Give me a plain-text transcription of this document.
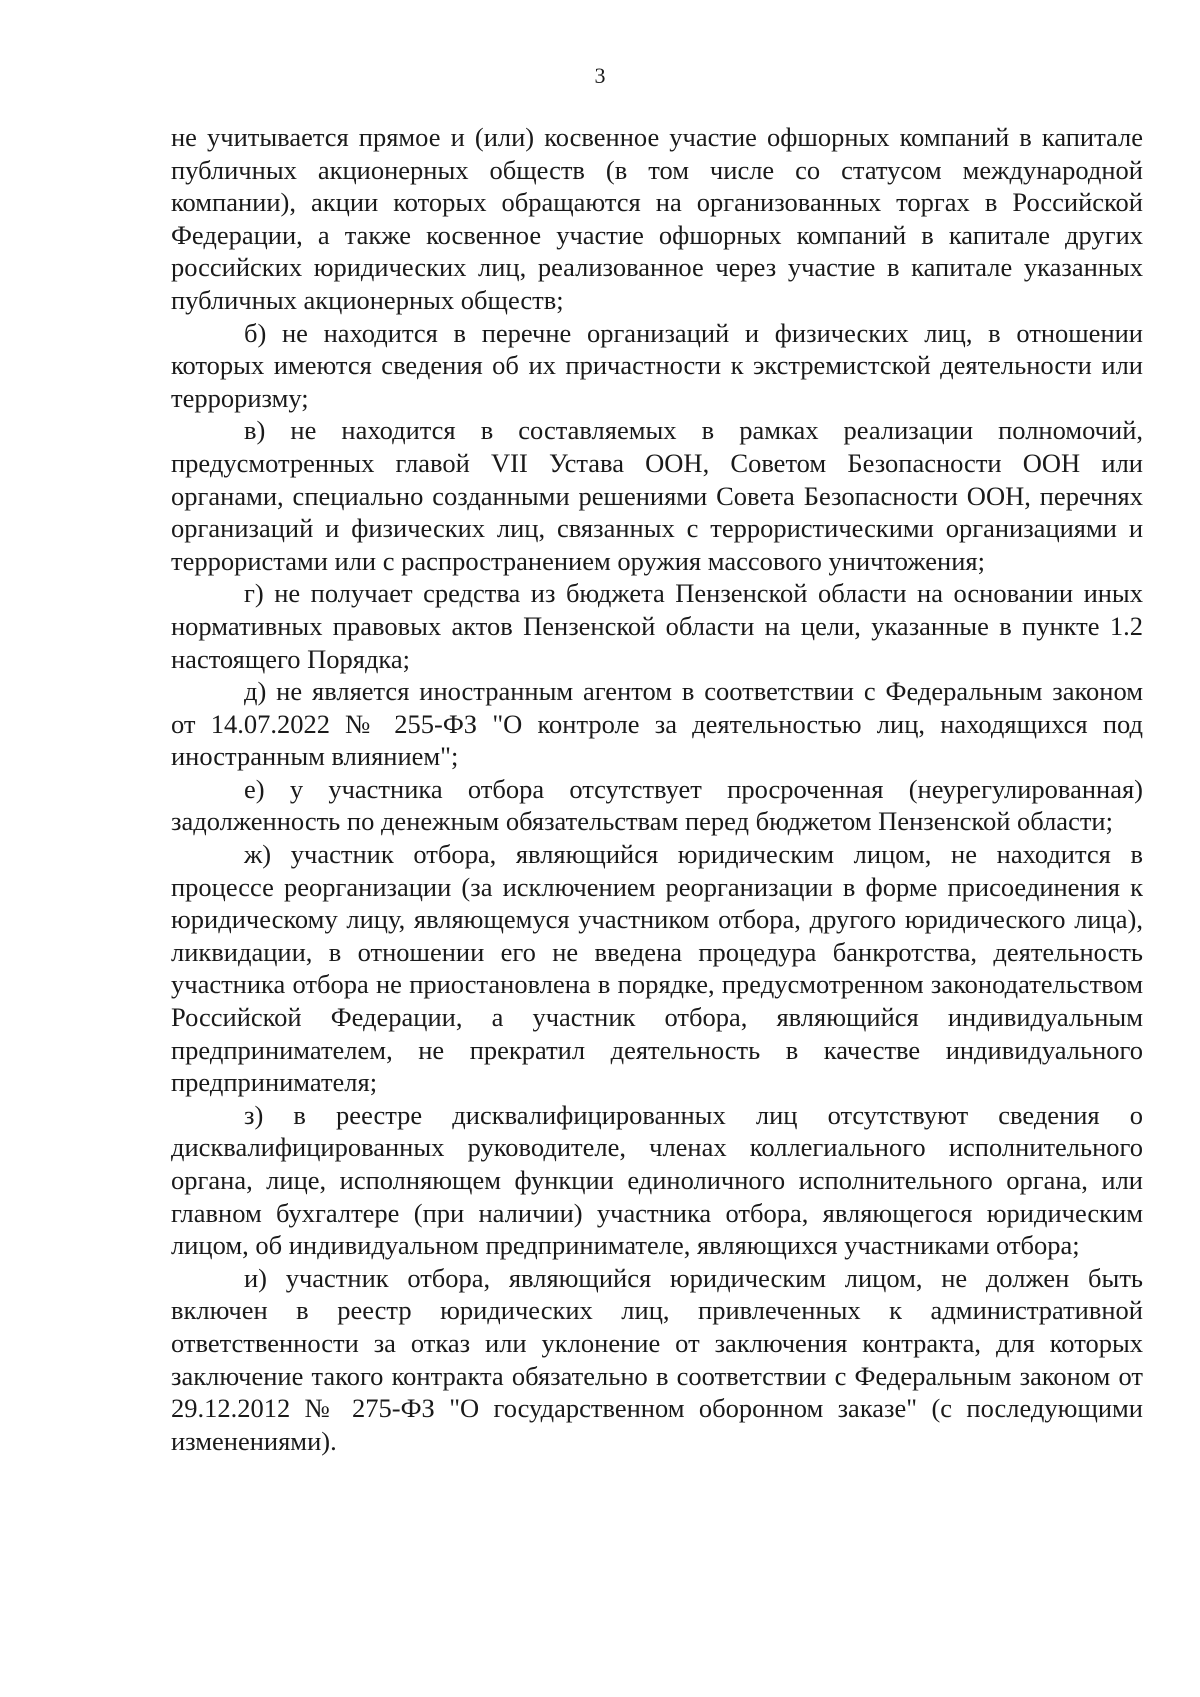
3

не учитывается прямое и (или) косвенное участие офшорных компаний в капитале публичных акционерных обществ (в том числе со статусом международной компании), акции которых обращаются на организованных торгах в Российской Федерации, а также косвенное участие офшорных компаний в капитале других российских юридических лиц, реализованное через участие в капитале указанных публичных акционерных обществ;

б) не находится в перечне организаций и физических лиц, в отношении которых имеются сведения об их причастности к экстремистской деятельности или терроризму;

в) не находится в составляемых в рамках реализации полномочий, предусмотренных главой VII Устава ООН, Советом Безопасности ООН или органами, специально созданными решениями Совета Безопасности ООН, перечнях организаций и физических лиц, связанных с террористическими организациями и террористами или с распространением оружия массового уничтожения;

г) не получает средства из бюджета Пензенской области на основании иных нормативных правовых актов Пензенской области на цели, указанные в пункте 1.2 настоящего Порядка;

д) не является иностранным агентом в соответствии с Федеральным законом от 14.07.2022 № 255-ФЗ "О контроле за деятельностью лиц, находящихся под иностранным влиянием";

е) у участника отбора отсутствует просроченная (неурегулированная) задолженность по денежным обязательствам перед бюджетом Пензенской области;

ж) участник отбора, являющийся юридическим лицом, не находится в процессе реорганизации (за исключением реорганизации в форме присоединения к юридическому лицу, являющемуся участником отбора, другого юридического лица), ликвидации, в отношении его не введена процедура банкротства, деятельность участника отбора не приостановлена в порядке, предусмотренном законодательством Российской Федерации, а участник отбора, являющийся индивидуальным предпринимателем, не прекратил деятельность в качестве индивидуального предпринимателя;

з) в реестре дисквалифицированных лиц отсутствуют сведения о дисквалифицированных руководителе, членах коллегиального исполнительного органа, лице, исполняющем функции единоличного исполнительного органа, или главном бухгалтере (при наличии) участника отбора, являющегося юридическим лицом, об индивидуальном предпринимателе, являющихся участниками отбора;

и) участник отбора, являющийся юридическим лицом, не должен быть включен в реестр юридических лиц, привлеченных к административной ответственности за отказ или уклонение от заключения контракта, для которых заключение такого контракта обязательно в соответствии с Федеральным законом от 29.12.2012 № 275-ФЗ "О государственном оборонном заказе" (с последующими изменениями).
